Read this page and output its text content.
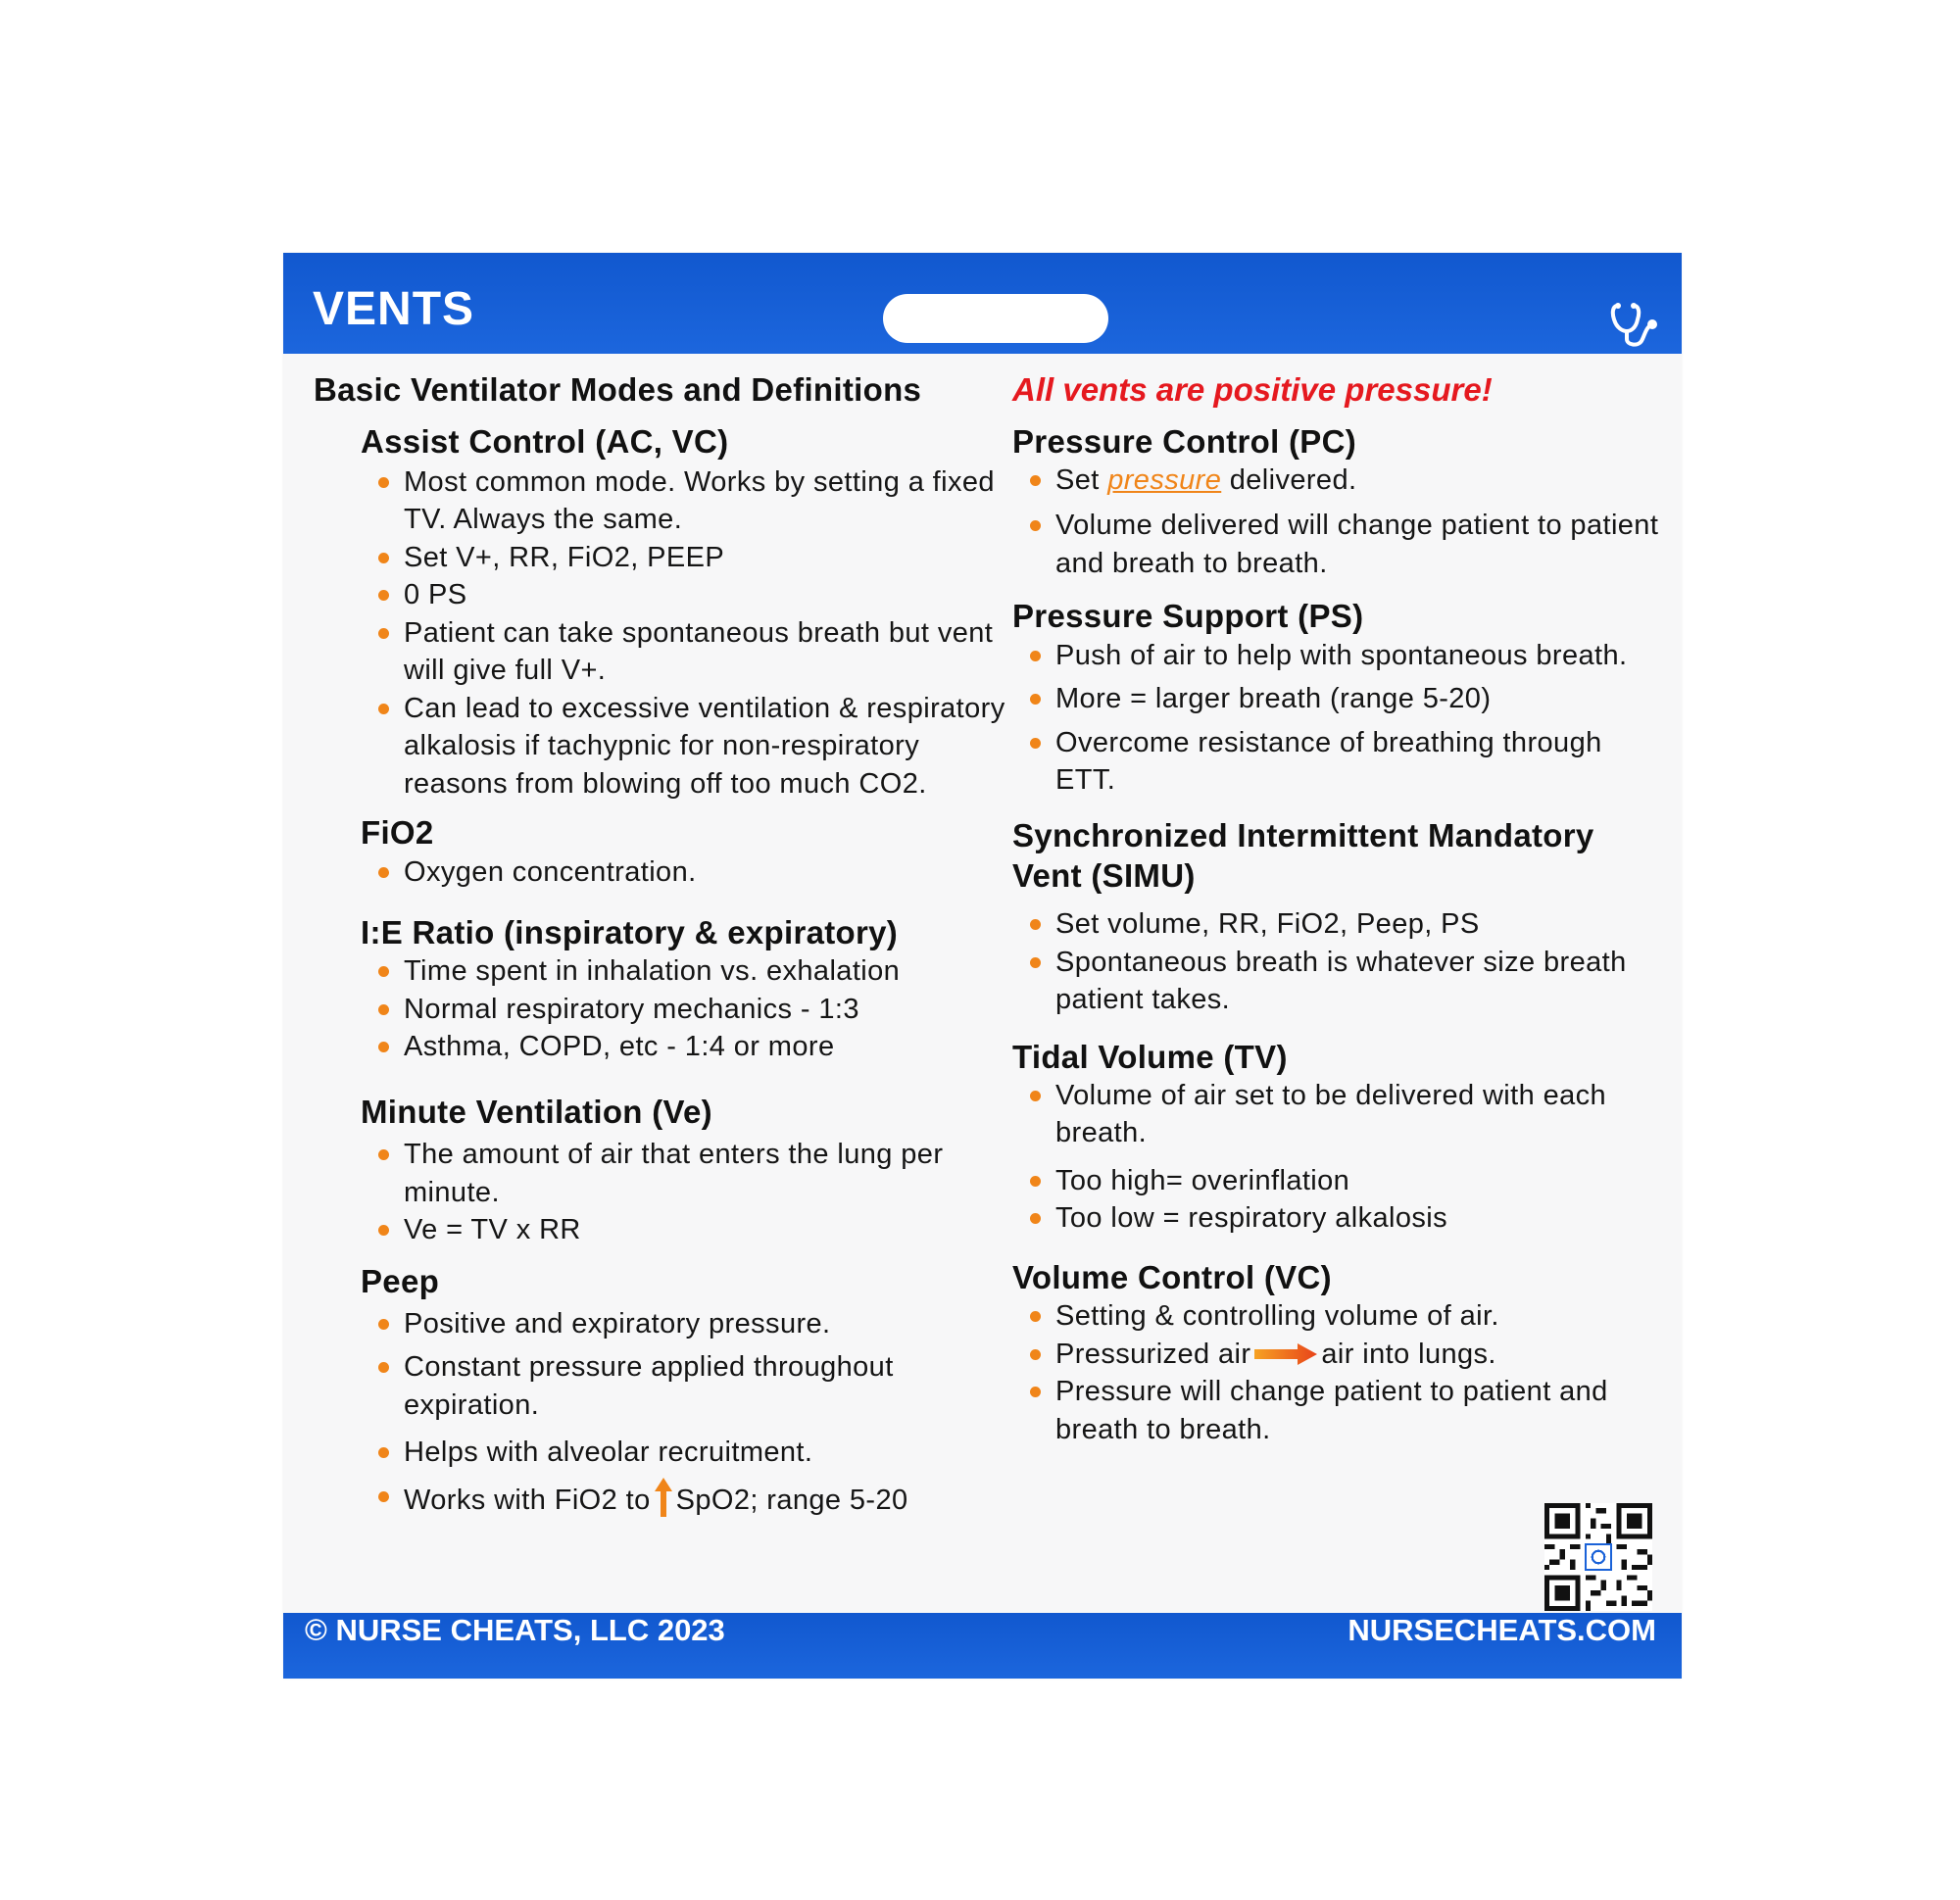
VENTS
Basic Ventilator Modes and Definitions
Assist Control (AC, VC)
Most common mode. Works by setting a fixed TV. Always the same.
Set V+, RR, FiO2, PEEP
0 PS
Patient can take spontaneous breath but vent will give full V+.
Can lead to excessive ventilation & respiratory alkalosis if tachypnic for non-respiratory reasons from blowing off too much CO2.
FiO2
Oxygen concentration.
I:E Ratio (inspiratory & expiratory)
Time spent in inhalation vs. exhalation
Normal respiratory mechanics - 1:3
Asthma, COPD, etc - 1:4 or more
Minute Ventilation (Ve)
The amount of air that enters the lung per minute.
Ve = TV x RR
Peep
Positive and expiratory pressure.
Constant pressure applied throughout expiration.
Helps with alveolar recruitment.
Works with FiO2 to SpO2; range 5-20
All vents are positive pressure!
Pressure Control (PC)
Set pressure delivered.
Volume delivered will change patient to patient and breath to breath.
Pressure Support (PS)
Push of air to help with spontaneous breath.
More = larger breath (range 5-20)
Overcome resistance of breathing through ETT.
Synchronized Intermittent Mandatory Vent (SIMU)
Set volume, RR, FiO2, Peep, PS
Spontaneous breath is whatever size breath patient takes.
Tidal Volume (TV)
Volume of air set to be delivered with each breath.
Too high= overinflation
Too low = respiratory alkalosis
Volume Control (VC)
Setting & controlling volume of air.
Pressurized air air into lungs.
Pressure will change patient to patient and breath to breath.
© NURSE CHEATS, LLC 2023	NURSECHEATS.COM
